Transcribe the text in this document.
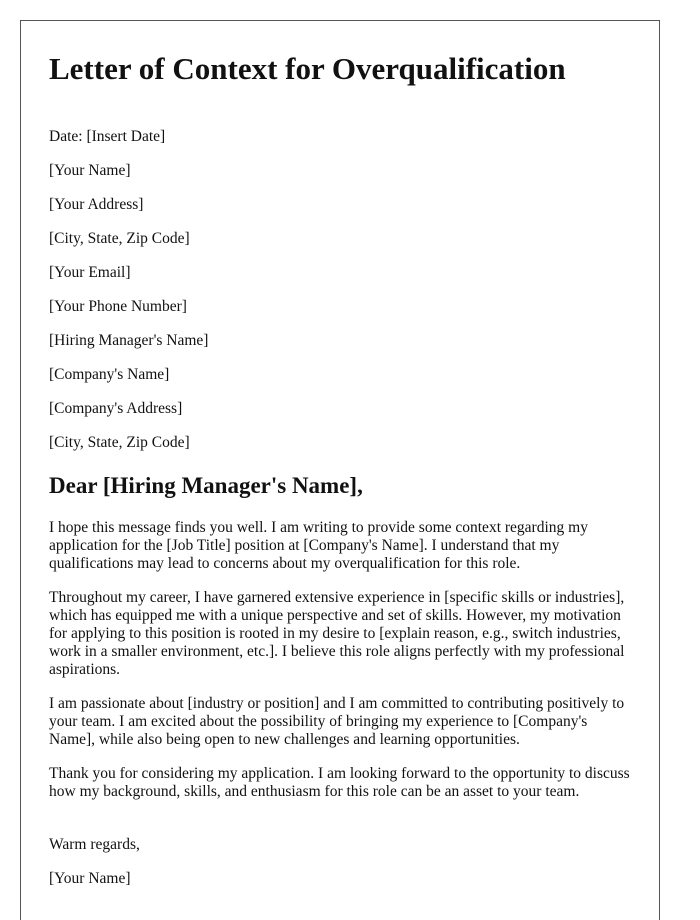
Letter of Context for Overqualification
Date: [Insert Date]
[Your Name]
[Your Address]
[City, State, Zip Code]
[Your Email]
[Your Phone Number]
[Hiring Manager's Name]
[Company's Name]
[Company's Address]
[City, State, Zip Code]
Dear [Hiring Manager's Name],

I hope this message finds you well. I am writing to provide some context regarding my application for the [Job Title] position at [Company's Name]. I understand that my qualifications may lead to concerns about my overqualification for this role.

Throughout my career, I have garnered extensive experience in [specific skills or industries], which has equipped me with a unique perspective and set of skills. However, my motivation for applying to this position is rooted in my desire to [explain reason, e.g., switch industries, work in a smaller environment, etc.]. I believe this role aligns perfectly with my professional aspirations.

I am passionate about [industry or position] and I am committed to contributing positively to your team. I am excited about the possibility of bringing my experience to [Company's Name], while also being open to new challenges and learning opportunities.

Thank you for considering my application. I am looking forward to the opportunity to discuss how my background, skills, and enthusiasm for this role can be an asset to your team.

Warm regards,
[Your Name]
